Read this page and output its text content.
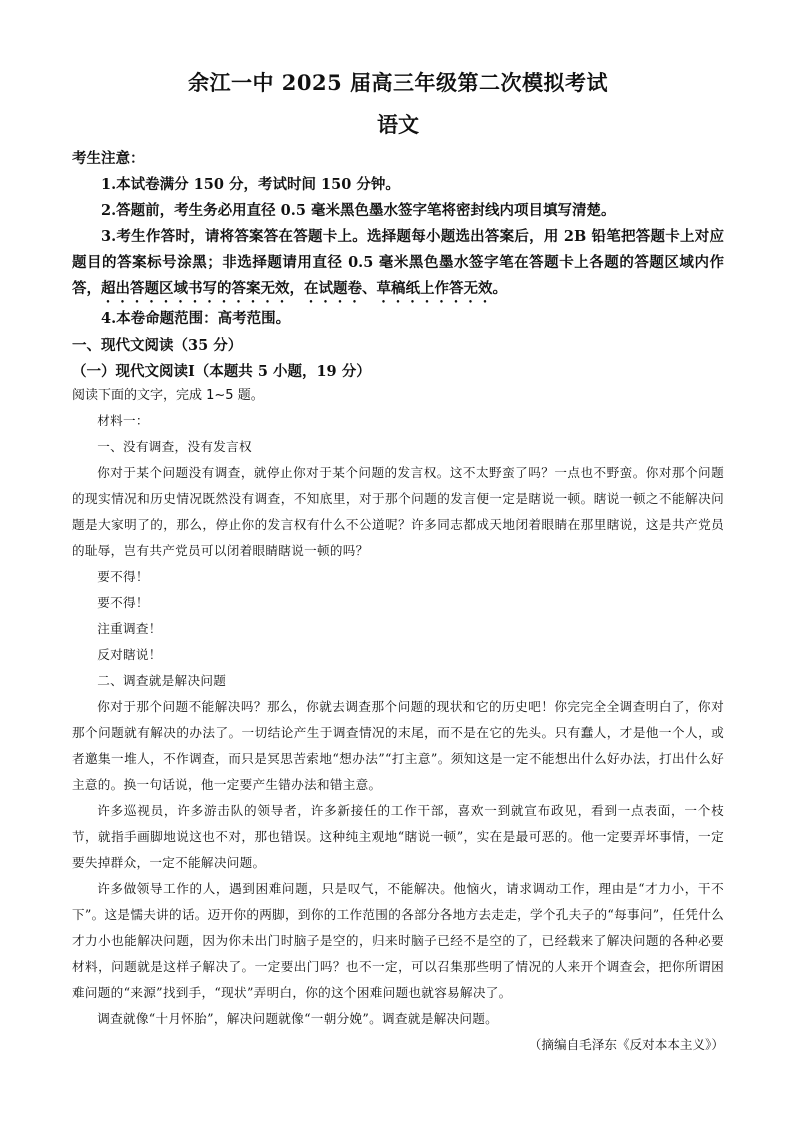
余江一中 2025 届高三年级第二次模拟考试
语文

考生注意：

1.本试卷满分 150 分，考试时间 150 分钟。

2.答题前，考生务必用直径 0.5 毫米黑色墨水签字笔将密封线内项目填写清楚。

3.考生作答时，请将答案答在答题卡上。选择题每小题选出答案后，用 2B 铅笔把答题卡上对应题目的答案标号涂黑；非选择题请用直径 0.5 毫米黑色墨水签字笔在答题卡上各题的答题区域内作答，超出答题区域书写的答案无效，在试题卷、草稿纸上作答无效。

4.本卷命题范围：高考范围。

一、现代文阅读（35 分）

（一）现代文阅读Ⅰ（本题共 5 小题，19 分）

阅读下面的文字，完成 1~5 题。

材料一：

一、没有调查，没有发言权

你对于某个问题没有调查，就停止你对于某个问题的发言权。这不太野蛮了吗？一点也不野蛮。你对那个问题的现实情况和历史情况既然没有调查，不知底里，对于那个问题的发言便一定是瞎说一顿。瞎说一顿之不能解决问题是大家明了的，那么，停止你的发言权有什么不公道呢？许多同志都成天地闭着眼睛在那里瞎说，这是共产党员的耻辱，岂有共产党员可以闭着眼睛瞎说一顿的吗？

要不得！

要不得！

注重调查！

反对瞎说！

二、调查就是解决问题

你对于那个问题不能解决吗？那么，你就去调查那个问题的现状和它的历史吧！你完完全全调查明白了，你对那个问题就有解决的办法了。一切结论产生于调查情况的末尾，而不是在它的先头。只有蠢人，才是他一个人，或者邀集一堆人，不作调查，而只是冥思苦索地“想办法”“打主意”。须知这是一定不能想出什么好办法，打出什么好主意的。换一句话说，他一定要产生错办法和错主意。

许多巡视员，许多游击队的领导者，许多新接任的工作干部，喜欢一到就宣布政见，看到一点表面，一个枝节，就指手画脚地说这也不对，那也错误。这种纯主观地“瞎说一顿”，实在是最可恶的。他一定要弄坏事情，一定要失掉群众，一定不能解决问题。

许多做领导工作的人，遇到困难问题，只是叹气，不能解决。他恼火，请求调动工作，理由是“才力小，干不下”。这是懦夫讲的话。迈开你的两脚，到你的工作范围的各部分各地方去走走，学个孔夫子的“每事问”，任凭什么才力小也能解决问题，因为你未出门时脑子是空的，归来时脑子已经不是空的了，已经载来了解决问题的各种必要材料，问题就是这样子解决了。一定要出门吗？也不一定，可以召集那些明了情况的人来开个调查会，把你所谓困难问题的“来源”找到手，“现状”弄明白，你的这个困难问题也就容易解决了。

调查就像“十月怀胎”，解决问题就像“一朝分娩”。调查就是解决问题。

（摘编自毛泽东《反对本本主义》）
